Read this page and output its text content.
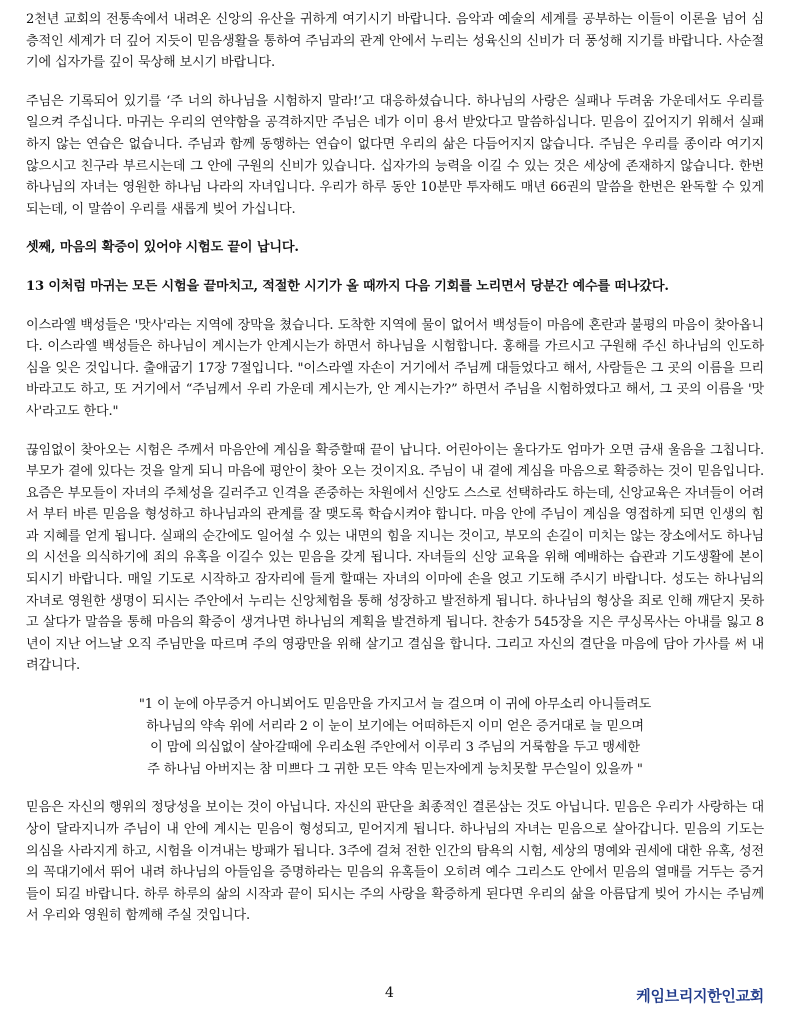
2천년 교회의 전통속에서 내려온 신앙의 유산을 귀하게 여기시기 바랍니다. 음악과 예술의 세계를 공부하는 이들이 이론을 넘어 심층적인 세계가 더 깊어 지듯이 믿음생활을 통하여 주님과의 관계 안에서 누리는 성육신의 신비가 더 풍성해 지기를 바랍니다. 사순절기에 십자가를 깊이 묵상해 보시기 바랍니다.

주님은 기록되어 있기를 ‘주 너의 하나님을 시험하지 말라!’고 대응하셨습니다. 하나님의 사랑은 실패나 두려움 가운데서도 우리를 일으켜 주십니다. 마귀는 우리의 연약함을 공격하지만 주님은 네가 이미 용서 받았다고 말씀하십니다. 믿음이 깊어지기 위해서 실패하지 않는 연습은 없습니다. 주님과 함께 동행하는 연습이 없다면 우리의 삶은 다듬어지지 않습니다. 주님은 우리를 종이라 여기지 않으시고 친구라 부르시는데 그 안에 구원의 신비가 있습니다. 십자가의 능력을 이길 수 있는 것은 세상에 존재하지 않습니다. 한번 하나님의 자녀는 영원한 하나님 나라의 자녀입니다. 우리가 하루 동안 10분만 투자해도 매년 66권의 말씀을 한번은 완독할 수 있게 되는데, 이 말씀이 우리를 새롭게 빚어 가십니다.

셋째, 마음의 확증이 있어야 시험도 끝이 납니다.

13 이처럼 마귀는 모든 시험을 끝마치고, 적절한 시기가 올 때까지 다음 기회를 노리면서 당분간 예수를 떠나갔다.

이스라엘 백성들은 '맛사'라는 지역에 장막을 쳤습니다. 도착한 지역에 물이 없어서 백성들이 마음에 혼란과 불평의 마음이 찾아옵니다. 이스라엘 백성들은 하나님이 계시는가 안계시는가 하면서 하나님을 시험합니다. 홍해를 가르시고 구원해 주신 하나님의 인도하심을 잊은 것입니다. 출애굽기 17장 7절입니다. "이스라엘 자손이 거기에서 주님께 대들었다고 해서, 사람들은 그 곳의 이름을 므리바라고도 하고, 또 거기에서 “주님께서 우리 가운데 계시는가, 안 계시는가?” 하면서 주님을 시험하였다고 해서, 그 곳의 이름을 '맛사'라고도 한다."

끊임없이 찾아오는 시험은 주께서 마음안에 계심을 확증할때 끝이 납니다. 어린아이는 울다가도 엄마가 오면 금새 울음을 그칩니다. 부모가 곁에 있다는 것을 알게 되니 마음에 평안이 찾아 오는 것이지요. 주님이 내 곁에 계심을 마음으로 확증하는 것이 믿음입니다. 요즘은 부모들이 자녀의 주체성을 길러주고 인격을 존중하는 차원에서 신앙도 스스로 선택하라도 하는데, 신앙교육은 자녀들이 어려서 부터 바른 믿음을 형성하고 하나님과의 관계를 잘 맺도록 학습시켜야 합니다. 마음 안에 주님이 계심을 영접하게 되면 인생의 힘과 지혜를 얻게 됩니다. 실패의 순간에도 일어설 수 있는 내면의 힘을 지니는 것이고, 부모의 손길이 미치는 않는 장소에서도 하나님의 시선을 의식하기에 죄의 유혹을 이길수 있는 믿음을 갖게 됩니다. 자녀들의 신앙 교육을 위해 예배하는 습관과 기도생활에 본이 되시기 바랍니다. 매일 기도로 시작하고 잠자리에 들게 할때는 자녀의 이마에 손을 얹고 기도해 주시기 바랍니다. 성도는 하나님의 자녀로 영원한 생명이 되시는 주안에서 누리는 신앙체험을 통해 성장하고 발전하게 됩니다. 하나님의 형상을 죄로 인해 깨닫지 못하고 살다가 말씀을 통해 마음의 확증이 생겨나면 하나님의 계획을 발견하게 됩니다. 찬송가 545장을 지은 쿠싱목사는 아내를 잃고 8년이 지난 어느날 오직 주님만을 따르며 주의 영광만을 위해 살기고 결심을 합니다. 그리고 자신의 결단을 마음에 담아 가사를 써 내려갑니다.

"1 이 눈에 아무증거 아니뵈어도 믿음만을 가지고서 늘 걸으며 이 귀에 아무소리 아니들려도
하나님의 약속 위에 서리라 2 이 눈이 보기에는 어떠하든지 이미 얻은 증거대로 늘 믿으며
이 맘에 의심없이 살아갈때에 우리소원 주안에서 이루리 3 주님의 거룩함을 두고 맹세한
주 하나님 아버지는 참 미쁘다 그 귀한 모든 약속 믿는자에게 능치못할 무슨일이 있을까 "

믿음은 자신의 행위의 정당성을 보이는 것이 아닙니다. 자신의 판단을 최종적인 결론삼는 것도 아닙니다. 믿음은 우리가 사랑하는 대상이 달라지니까 주님이 내 안에 계시는 믿음이 형성되고, 믿어지게 됩니다. 하나님의 자녀는 믿음으로 살아갑니다. 믿음의 기도는 의심을 사라지게 하고, 시험을 이겨내는 방패가 됩니다. 3주에 걸쳐 전한 인간의 탐욕의 시험, 세상의 명예와 권세에 대한 유혹, 성전의 꼭대기에서 뛰어 내려 하나님의 아들임을 증명하라는 믿음의 유혹들이 오히려 예수 그리스도 안에서 믿음의 열매를 거두는 증거들이 되길 바랍니다. 하루 하루의 삶의 시작과 끝이 되시는 주의 사랑을 확증하게 된다면 우리의 삶을 아름답게 빚어 가시는 주님께서 우리와 영원히 함께해 주실 것입니다.

4	케임브리지한인교회
